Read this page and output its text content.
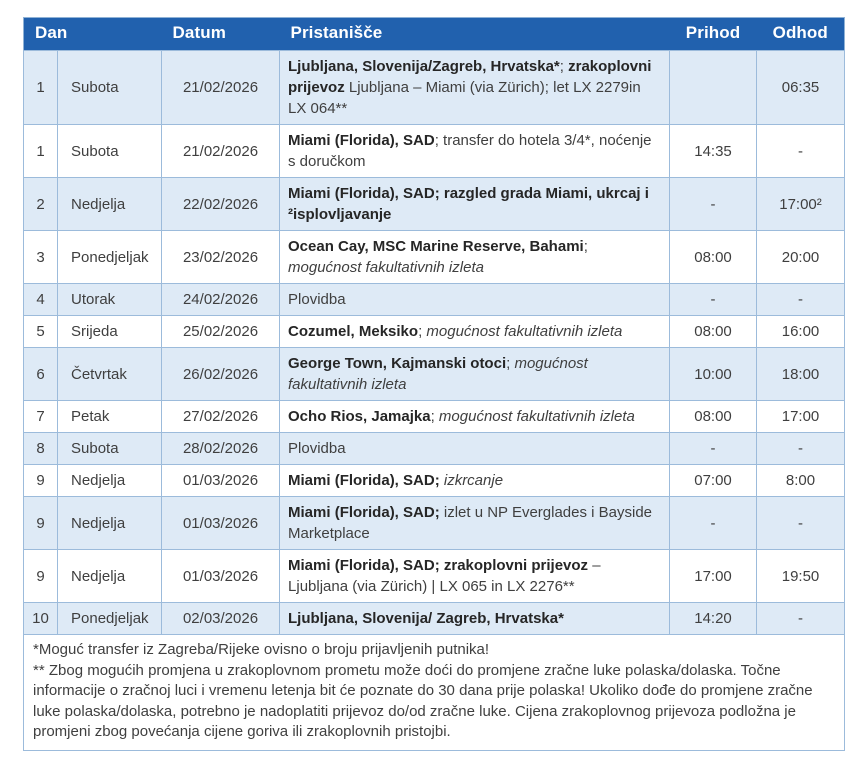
Dan		Datum	Pristanišče	Prihod	Odhod
1	Subota	21/02/2026	Ljubljana, Slovenija/Zagreb, Hrvatska*; zrakoplovni prijevoz Ljubljana – Miami (via Zürich); let LX 2279in LX 064**		06:35
1	Subota	21/02/2026	Miami (Florida), SAD; transfer do hotela 3/4*, noćenje s doručkom	14:35	-
2	Nedjelja	22/02/2026	Miami (Florida), SAD; razgled grada Miami, ukrcaj i ²isplovljavanje	-	17:00²
3	Ponedjeljak	23/02/2026	Ocean Cay, MSC Marine Reserve, Bahami; mogućnost fakultativnih izleta	08:00	20:00
4	Utorak	24/02/2026	Plovidba	-	-
5	Srijeda	25/02/2026	Cozumel, Meksiko; mogućnost fakultativnih izleta	08:00	16:00
6	Četvrtak	26/02/2026	George Town, Kajmanski otoci; mogućnost fakultativnih izleta	10:00	18:00
7	Petak	27/02/2026	Ocho Rios, Jamajka; mogućnost fakultativnih izleta	08:00	17:00
8	Subota	28/02/2026	Plovidba	-	-
9	Nedjelja	01/03/2026	Miami (Florida), SAD; izkrcanje	07:00	8:00
9	Nedjelja	01/03/2026	Miami (Florida), SAD; izlet u NP Everglades i Bayside Marketplace	-	-
9	Nedjelja	01/03/2026	Miami (Florida), SAD; zrakoplovni prijevoz – Ljubljana (via Zürich) | LX 065 in LX 2276**	17:00	19:50
10	Ponedjeljak	02/03/2026	Ljubljana, Slovenija/ Zagreb, Hrvatska*	14:20	-

*Moguć transfer iz Zagreba/Rijeke ovisno o broju prijavljenih putnika!

** Zbog mogućih promjena u zrakoplovnom prometu može doći do promjene zračne luke polaska/dolaska. Točne informacije o zračnoj luci i vremenu letenja bit će poznate do 30 dana prije polaska! Ukoliko dođe do promjene zračne luke polaska/dolaska, potrebno je nadoplatiti prijevoz do/od zračne luke. Cijena zrakoplovnog prijevoza podložna je promjeni zbog povećanja cijene goriva ili zrakoplovnih pristojbi.					
